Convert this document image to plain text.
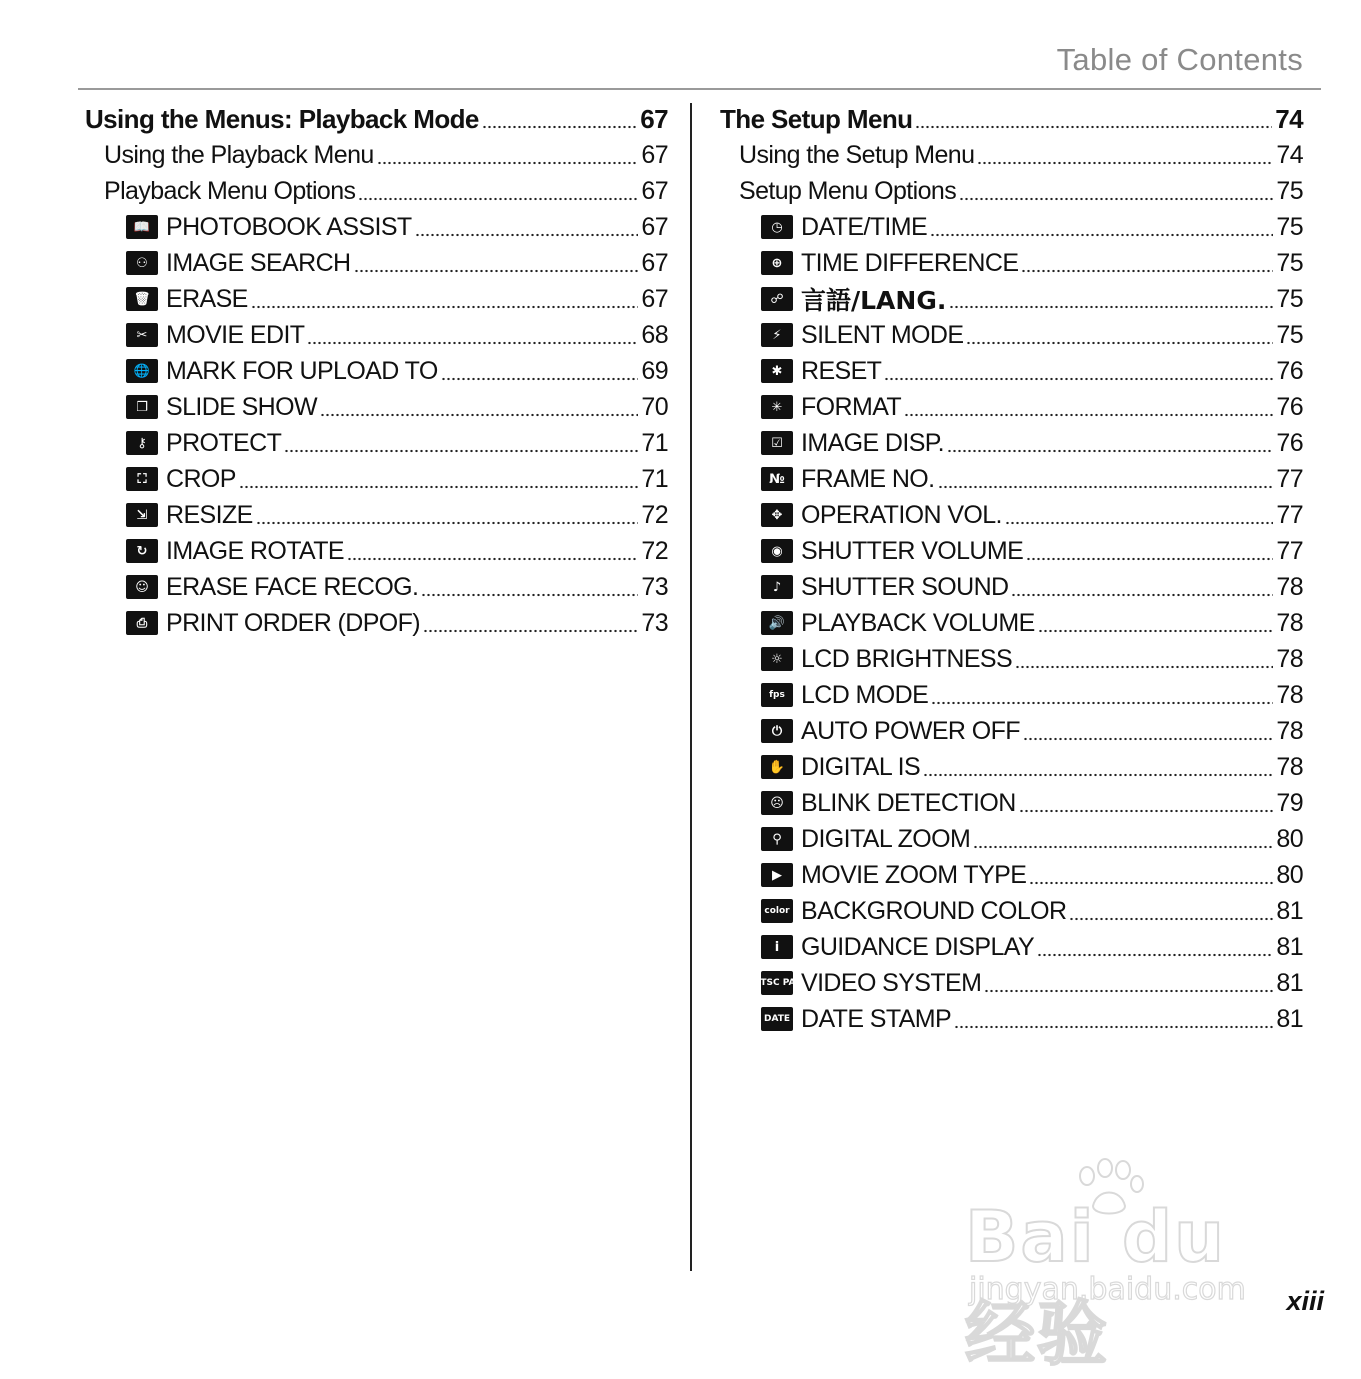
Table of Contents
Using the Menus: Playback Mode	67
Using the Playback Menu	67
Playback Menu Options	67
📖 PHOTOBOOK ASSIST	67
⚇ IMAGE SEARCH	67
🗑 ERASE	67
✂ MOVIE EDIT	68
🌐 MARK FOR UPLOAD TO	69
❐ SLIDE SHOW	70
⚷ PROTECT	71
⛶ CROP	71
⇲ RESIZE	72
↻ IMAGE ROTATE	72
☺ ERASE FACE RECOG.	73
⎙ PRINT ORDER (DPOF)	73
The Setup Menu	74
Using the Setup Menu	74
Setup Menu Options	75
◷ DATE/TIME	75
⊕ TIME DIFFERENCE	75
☍ 言語/LANG.	75
⚡ SILENT MODE	75
✱ RESET	76
✳ FORMAT	76
☑ IMAGE DISP.	76
№ FRAME NO.	77
✥ OPERATION VOL.	77
◉ SHUTTER VOLUME	77
♪ SHUTTER SOUND	78
🔊 PLAYBACK VOLUME	78
☼ LCD BRIGHTNESS	78
fps LCD MODE	78
⏻ AUTO POWER OFF	78
✋ DIGITAL IS	78
☹ BLINK DETECTION	79
⚲ DIGITAL ZOOM	80
▶ MOVIE ZOOM TYPE	80
color BACKGROUND COLOR	81
i GUIDANCE DISPLAY	81
NTSC PAL VIDEO SYSTEM	81
DATE DATE STAMP	81
Bai du 经验
jingyan.baidu.com xiii
